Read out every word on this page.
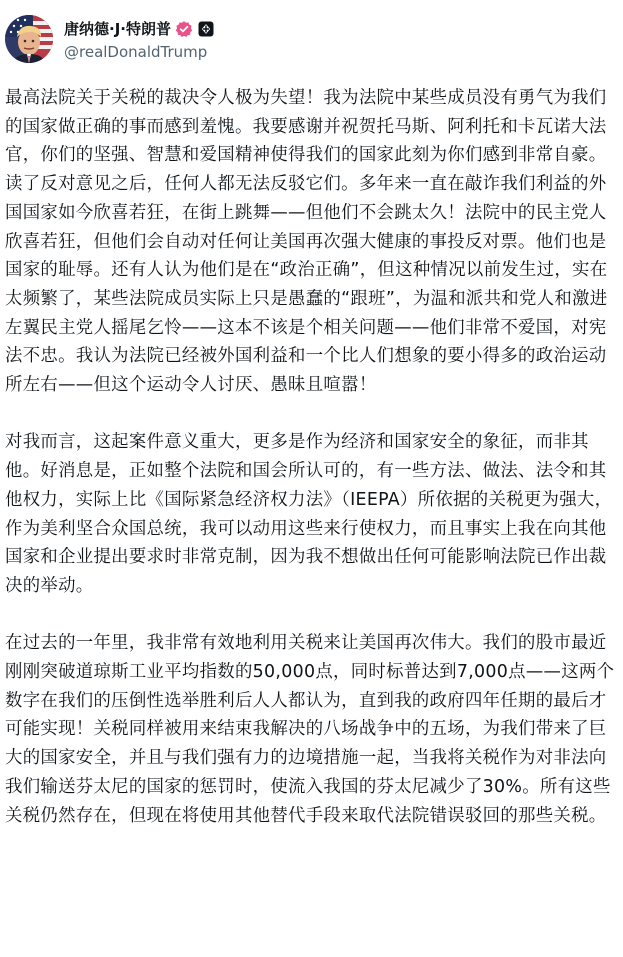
唐纳德·J·特朗普
@realDonaldTrump

最高法院关于关税的裁决令人极为失望！我为法院中某些成员没有勇气为我们的国家做正确的事而感到羞愧。我要感谢并祝贺托马斯、阿利托和卡瓦诺大法官，你们的坚强、智慧和爱国精神使得我们的国家此刻为你们感到非常自豪。读了反对意见之后，任何人都无法反驳它们。多年来一直在敲诈我们利益的外国国家如今欣喜若狂，在街上跳舞——但他们不会跳太久！法院中的民主党人欣喜若狂，但他们会自动对任何让美国再次强大健康的事投反对票。他们也是国家的耻辱。还有人认为他们是在“政治正确”，但这种情况以前发生过，实在太频繁了，某些法院成员实际上只是愚蠢的“跟班”，为温和派共和党人和激进左翼民主党人摇尾乞怜——这本不该是个相关问题——他们非常不爱国，对宪法不忠。我认为法院已经被外国利益和一个比人们想象的要小得多的政治运动所左右——但这个运动令人讨厌、愚昧且喧嚣！

对我而言，这起案件意义重大，更多是作为经济和国家安全的象征，而非其他。好消息是，正如整个法院和国会所认可的，有一些方法、做法、法令和其他权力，实际上比《国际紧急经济权力法》（IEEPA）所依据的关税更为强大，作为美利坚合众国总统，我可以动用这些来行使权力，而且事实上我在向其他国家和企业提出要求时非常克制，因为我不想做出任何可能影响法院已作出裁决的举动。

在过去的一年里，我非常有效地利用关税来让美国再次伟大。我们的股市最近刚刚突破道琼斯工业平均指数的50,000点，同时标普达到7,000点——这两个数字在我们的压倒性选举胜利后人人都认为，直到我的政府四年任期的最后才可能实现！关税同样被用来结束我解决的八场战争中的五场，为我们带来了巨大的国家安全，并且与我们强有力的边境措施一起，当我将关税作为对非法向我们输送芬太尼的国家的惩罚时，使流入我国的芬太尼减少了30%。所有这些关税仍然存在，但现在将使用其他替代手段来取代法院错误驳回的那些关税。
